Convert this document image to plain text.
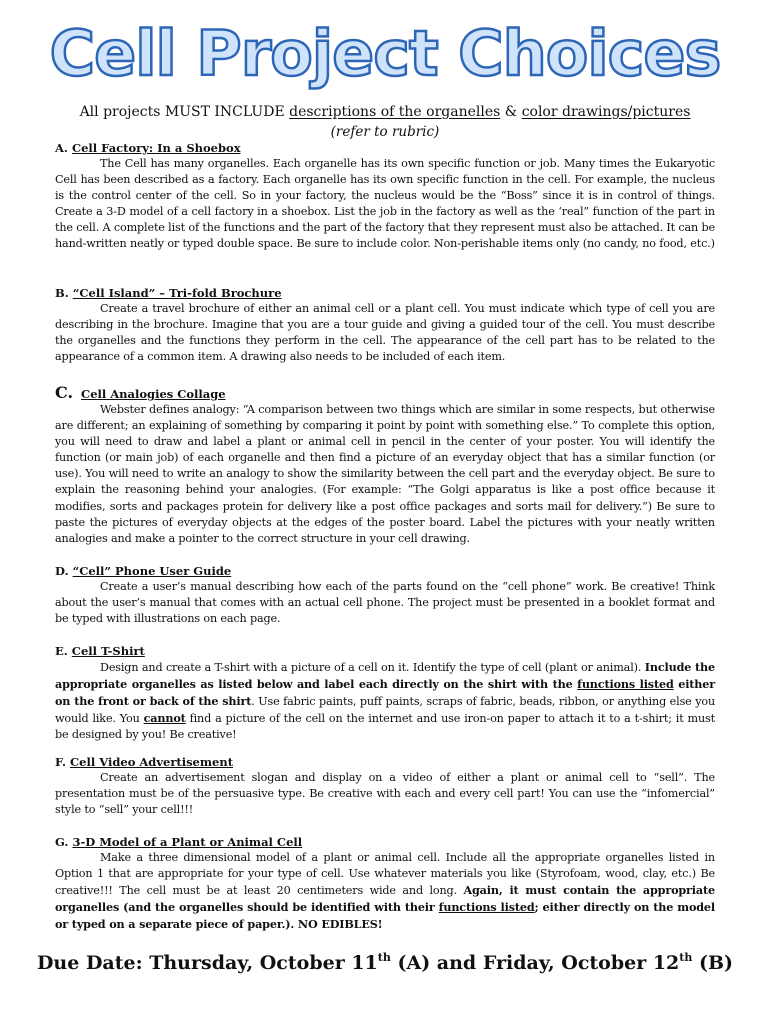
Cell Project Choices
All projects MUST INCLUDE descriptions of the organelles & color drawings/pictures
(refer to rubric)
A. Cell Factory: In a Shoebox
The Cell has many organelles. Each organelle has its own specific function or job. Many times the Eukaryotic Cell has been described as a factory. Each organelle has its own specific function in the cell. For example, the nucleus is the control center of the cell. So in your factory, the nucleus would be the “Boss” since it is in control of things. Create a 3-D model of a cell factory in a shoebox. List the job in the factory as well as the ‘real” function of the part in the cell. A complete list of the functions and the part of the factory that they represent must also be attached. It can be hand-written neatly or typed double space. Be sure to include color. Non-perishable items only (no candy, no food, etc.)
B. “Cell Island” – Tri-fold Brochure
Create a travel brochure of either an animal cell or a plant cell. You must indicate which type of cell you are describing in the brochure. Imagine that you are a tour guide and giving a guided tour of the cell. You must describe the organelles and the functions they perform in the cell. The appearance of the cell part has to be related to the appearance of a common item. A drawing also needs to be included of each item.
C. Cell Analogies Collage
Webster defines analogy: “A comparison between two things which are similar in some respects, but otherwise are different; an explaining of something by comparing it point by point with something else.” To complete this option, you will need to draw and label a plant or animal cell in pencil in the center of your poster. You will identify the function (or main job) of each organelle and then find a picture of an everyday object that has a similar function (or use). You will need to write an analogy to show the similarity between the cell part and the everyday object. Be sure to explain the reasoning behind your analogies. (For example: “The Golgi apparatus is like a post office because it modifies, sorts and packages protein for delivery like a post office packages and sorts mail for delivery.”) Be sure to paste the pictures of everyday objects at the edges of the poster board. Label the pictures with your neatly written analogies and make a pointer to the correct structure in your cell drawing.
D. “Cell” Phone User Guide
Create a user’s manual describing how each of the parts found on the “cell phone” work. Be creative! Think about the user’s manual that comes with an actual cell phone. The project must be presented in a booklet format and be typed with illustrations on each page.
E. Cell T-Shirt
Design and create a T-shirt with a picture of a cell on it. Identify the type of cell (plant or animal). Include the appropriate organelles as listed below and label each directly on the shirt with the functions listed either on the front or back of the shirt. Use fabric paints, puff paints, scraps of fabric, beads, ribbon, or anything else you would like. You cannot find a picture of the cell on the internet and use iron-on paper to attach it to a t-shirt; it must be designed by you! Be creative!
F. Cell Video Advertisement
Create an advertisement slogan and display on a video of either a plant or animal cell to “sell”. The presentation must be of the persuasive type. Be creative with each and every cell part! You can use the “infomercial” style to “sell” your cell!!!
G. 3-D Model of a Plant or Animal Cell
Make a three dimensional model of a plant or animal cell. Include all the appropriate organelles listed in Option 1 that are appropriate for your type of cell. Use whatever materials you like (Styrofoam, wood, clay, etc.) Be creative!!! The cell must be at least 20 centimeters wide and long. Again, it must contain the appropriate organelles (and the organelles should be identified with their functions listed; either directly on the model or typed on a separate piece of paper.). NO EDIBLES!
Due Date: Thursday, October 11th (A) and Friday, October 12th (B)
